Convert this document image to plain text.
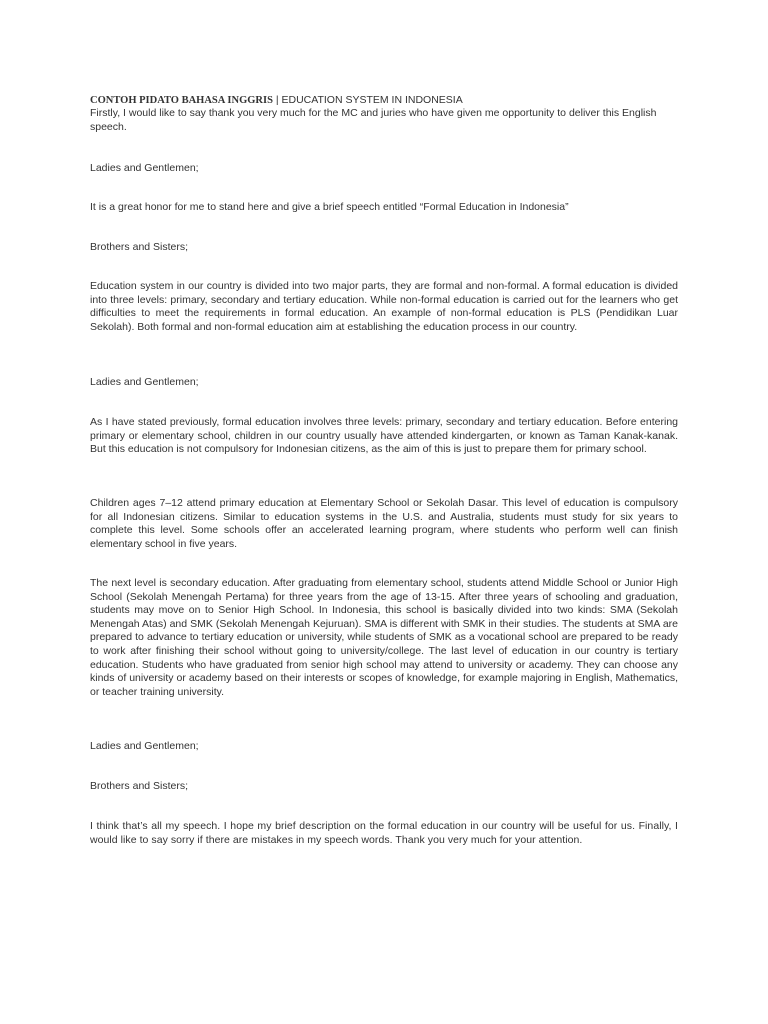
CONTOH PIDATO BAHASA INGGRIS | EDUCATION SYSTEM IN INDONESIA
Firstly, I would like to say thank you very much for the MC and juries who have given me opportunity to deliver this English speech.
Ladies and Gentlemen;
It is a great honor for me to stand here and give a brief speech entitled “Formal Education in Indonesia”
Brothers and Sisters;
Education system in our country is divided into two major parts, they are formal and non-formal. A formal education is divided into three levels: primary, secondary and tertiary education. While non-formal education is carried out for the learners who get difficulties to meet the requirements in formal education. An example of non-formal education is PLS (Pendidikan Luar Sekolah). Both formal and non-formal education aim at establishing the education process in our country.
Ladies and Gentlemen;
As I have stated previously, formal education involves three levels: primary, secondary and tertiary education. Before entering primary or elementary school, children in our country usually have attended kindergarten, or known as Taman Kanak-kanak. But this education is not compulsory for Indonesian citizens, as the aim of this is just to prepare them for primary school.
Children ages 7–12 attend primary education at Elementary School or Sekolah Dasar. This level of education is compulsory for all Indonesian citizens. Similar to education systems in the U.S. and Australia, students must study for six years to complete this level. Some schools offer an accelerated learning program, where students who perform well can finish elementary school in five years.
The next level is secondary education. After graduating from elementary school, students attend Middle School or Junior High School (Sekolah Menengah Pertama) for three years from the age of 13-15. After three years of schooling and graduation, students may move on to Senior High School. In Indonesia, this school is basically divided into two kinds: SMA (Sekolah Menengah Atas) and SMK (Sekolah Menengah Kejuruan). SMA is different with SMK in their studies. The students at SMA are prepared to advance to tertiary education or university, while students of SMK as a vocational school are prepared to be ready to work after finishing their school without going to university/college. The last level of education in our country is tertiary education. Students who have graduated from senior high school may attend to university or academy. They can choose any kinds of university or academy based on their interests or scopes of knowledge, for example majoring in English, Mathematics, or teacher training university.
Ladies and Gentlemen;
Brothers and Sisters;
I think that’s all my speech. I hope my brief description on the formal education in our country will be useful for us. Finally, I would like to say sorry if there are mistakes in my speech words. Thank you very much for your attention.
